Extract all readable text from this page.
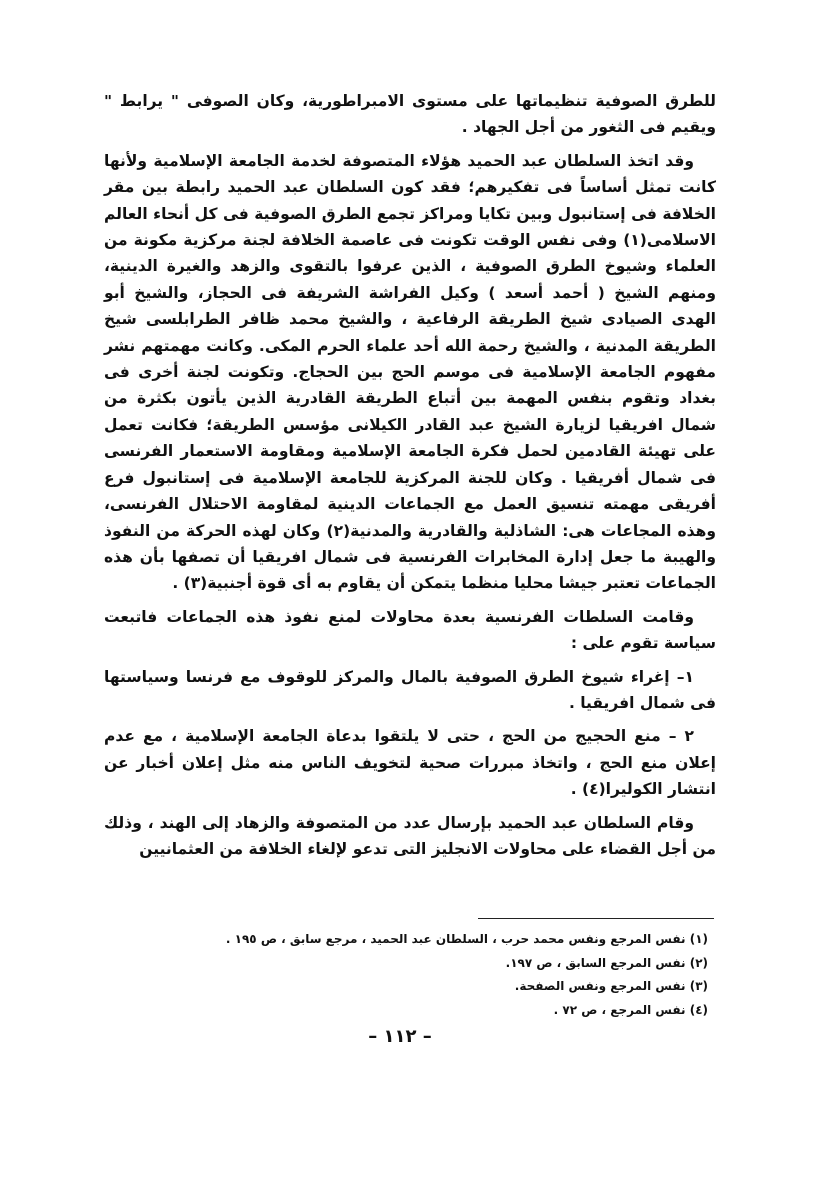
للطرق الصوفية تنظيماتها على مستوى الامبراطورية، وكان الصوفى " يرابط " ويقيم فى الثغور من أجل الجهاد .

وقد اتخذ السلطان عبد الحميد هؤلاء المتصوفة لخدمة الجامعة الإسلامية ولأنها كانت تمثل أساساً فى تفكيرهم؛ فقد كون السلطان عبد الحميد رابطة بين مقر الخلافة فى إستانبول وبين تكايا ومراكز تجمع الطرق الصوفية فى كل أنحاء العالم الاسلامى(١) وفى نفس الوقت تكونت فى عاصمة الخلافة لجنة مركزية مكونة من العلماء وشيوخ الطرق الصوفية ، الذين عرفوا بالتقوى والزهد والغيرة الدينية، ومنهم الشيخ ( أحمد أسعد ) وكيل الفراشة الشريفة فى الحجاز، والشيخ أبو الهدى الصيادى شيخ الطريقة الرفاعية ، والشيخ محمد ظافر الطرابلسى شيخ الطريقة المدنية ، والشيخ رحمة الله أحد علماء الحرم المكى. وكانت مهمتهم نشر مفهوم الجامعة الإسلامية فى موسم الحج بين الحجاج. وتكونت لجنة أخرى فى بغداد وتقوم بنفس المهمة بين أتباع الطريقة القادرية الذين يأتون بكثرة من شمال افريقيا لزيارة الشيخ عبد القادر الكيلانى مؤسس الطريقة؛ فكانت تعمل على تهيئة القادمين لحمل فكرة الجامعة الإسلامية ومقاومة الاستعمار الفرنسى فى شمال أفريقيا . وكان للجنة المركزية للجامعة الإسلامية فى إستانبول فرع أفريقى مهمته تنسيق العمل مع الجماعات الدينية لمقاومة الاحتلال الفرنسى، وهذه المجاعات هى: الشاذلية والقادرية والمدنية(٢) وكان لهذه الحركة من النفوذ والهيبة ما جعل إدارة المخابرات الفرنسية فى شمال افريقيا أن تصفها بأن هذه الجماعات تعتبر جيشا محليا منظما يتمكن أن يقاوم به أى قوة أجنبية(٣) .

وقامت السلطات الفرنسية بعدة محاولات لمنع نفوذ هذه الجماعات فاتبعت سياسة تقوم على :

١– إغراء شيوخ الطرق الصوفية بالمال والمركز للوقوف مع فرنسا وسياستها فى شمال افريقيا .

٢ – منع الحجيج من الحج ، حتى لا يلتقوا بدعاة الجامعة الإسلامية ، مع عدم إعلان منع الحج ، واتخاذ مبررات صحية لتخويف الناس منه مثل إعلان أخبار عن انتشار الكوليرا(٤) .

وقام السلطان عبد الحميد بإرسال عدد من المتصوفة والزهاد إلى الهند ، وذلك من أجل القضاء على محاولات الانجليز التى تدعو لإلغاء الخلافة من العثمانيين

(١) نفس المرجع ونفس محمد حرب ، السلطان عبد الحميد ، مرجع سابق ، ص ١٩٥ .

(٢) نفس المرجع السابق ، ص ١٩٧.

(٣) نفس المرجع ونفس الصفحة.

(٤) نفس المرجع ، ص ٧٢ .

– ١١٢ –
